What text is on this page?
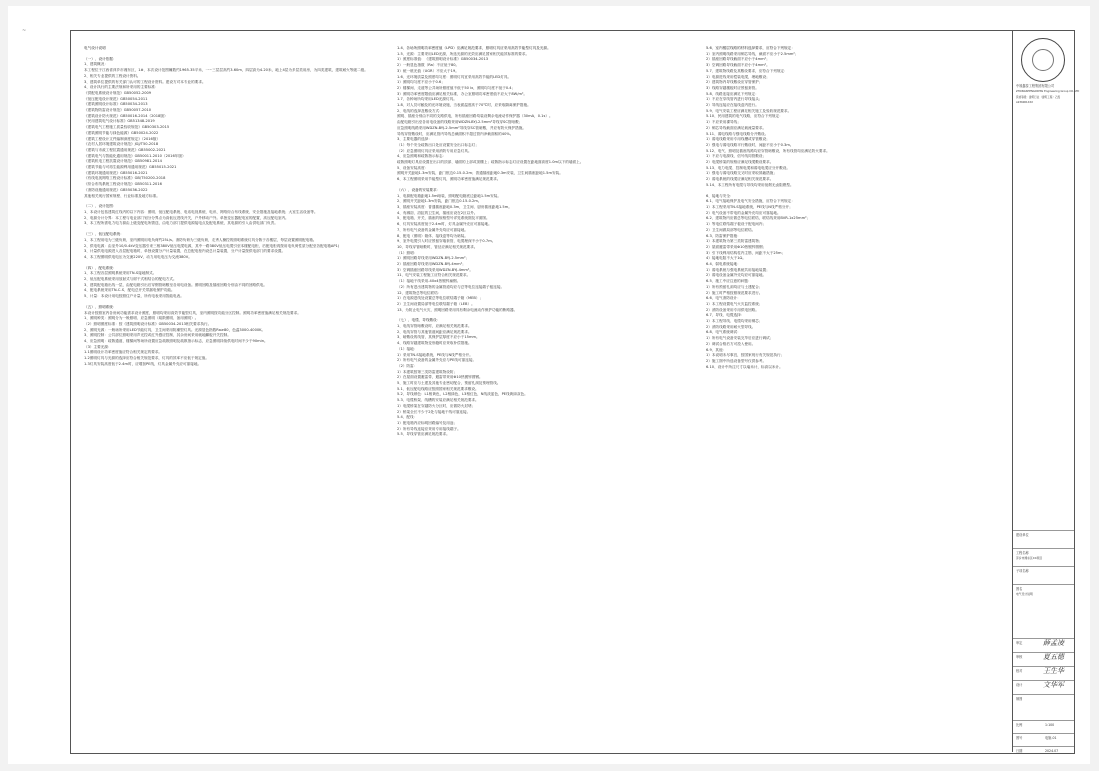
~

电气设计说明

（一）、设计依据：

1、建筑概况：

本工程位于江西省萍乡市湘东区，1#、本次设计范围幢数约1965.35平米，一~三层层高约3.60m，四层高为4.20米，地上4层为多层类用房，为四类建筑，建筑耐火等级二级。

2、相关专业提供的工程设计资料。

3、建筑单位提供的有关部门认可的工程设计资料。建设方对本专业的要求。

4、设计执行的主要法规和所采用的主要标准：

《供配电系统设计规范》GB50052-2009

《低压配电设计规范》GB50054-2011

《建筑照明设计标准》GB50034-2013

《建筑物防雷设计规范》GB50057-2010

《建筑设计防火规范》GB50016-2014（2018版）

《民用建筑电气设计标准》GB51348-2019

《建筑电气工程施工质量验收规范》GB50303-2015

《建筑照明节能与绿色能源》GB50024-2022

《建筑工程设计文件编制深度规定》（2016版）

《农村人居环境建筑设计规范》JGJ/T50-2018

《建筑与市政工程抗震通用规范》GB55002-2021

《建筑电气与智能化通用规范》GB50011-2010（2016年版）

《建筑机电工程抗震设计规范》GB50981-2014

《建筑节能与可再生能源利用通用规范》GB55015-2021

《建筑环境通用规范》GB55016-2021

《有线电视网络工程设计标准》GB/T50200-2018

《综合布线系统工程设计规范》GB50311-2016

《消防设施通用规范》GB55036-2022

其他相关现行国家规程、行业标准及地方标准。

（二）、设计范围：

1、本设计包括建筑红线内的以下内容：照明、低压配电系统、电话电视系统、电讯、网络综合布线系统、安全措施及接地系统；大室生活设备等。

2、电源分计分界：本工程与电业部门划分分界点为高低压进线开关，户外移动户外。单独变压器配电室的配置，高压配电室内。

3、本工程所需电力电力源由上级变配电所馈送，由电力部门提供电源接电点及配电系统，其电源的引入由供电部门负责。

（三）、低压配电系统：

1、本工程用电为三级负荷，室内照明用电负荷约25L/s。消防负荷为三级负荷，走秀人操控的照明系统灯具分散于各楼层，每层设置照明配电箱。

2、供电电源：由室外10/0.4kV变压器引来三相380V低压电缆电源，其中一路380V低压电缆引至本楼配电柜，后配电柜再按用电负荷性质分配至各配电箱AP1)

3、计量供电电源进入各层配电箱时，单独设置分户计量装置，在总配电柜内设总计量装置，分户计量按供电部门的要求设置。

4、本工程照明供电电压为交流220V，动力用电电压为交流380V。

（四）、配电系统：

1、本工程各层照明系统采用TN-S接地制式。

2、低压配电系统采用放射式与树干式相结合的配电方式。

3、建筑配电箱出线一层，由配电箱引出后穿钢管暗敷至各用电设备。照明回路及插座回路分别由不同的回路供电。

4、配电系统采用TN-C-S、配电总开关带漏电保护功能。

5、计量：本设计用电按照住户计量，所有电表采用智能电表。

（五）、照明系统：

本设计按照室内各房间功能需求设计照度，照明均采用高效节能型灯具，室内照明按功能分区控制。照明功率密度值满足相关规范要求。

1、照明种类：照明分为一般照明、应急照明（疏散照明、备用照明）。

（2）照明照度标准：按《建筑照明设计标准》GB50034-2013相关要求执行。

2、照明光源：一般场所采用LED节能灯具，卫生间采用防潮型灯具。光源显色指数Ra≥80，色温3000-4000K。

3、照明控制：公共部位照明采用声光控或红外感应控制，其余房间采用就地翻板开关控制。

4、应急照明：疏散通道、楼梯间等场所设置应急疏散照明及疏散指示标志，应急照明持续供电时间不少于90min。

（3）主要光源：

1.1照明设计功率密度值应符合相关规定的要求。

1.2照明灯具与光源的选择应符合相关规范要求，灯具的效率不应低于规定值。

1.3灯具安装高度低于2.4m时，应增加PE线，灯具金属外壳应可靠接地。

1.4、各场所照明功率密度值（LPD）应满足规范要求，照明灯具应采用高效节能型灯具及光源。

1.5、光源：主要采用LED光源，所选光源的光效应满足国家相关能效标准的要求。

1）照度标准值：《建筑照明设计标准》GB50034-2013

2）一般显色指数（Ra）不应低于80。

3）统一眩光值（UGR）不应大于19。

1.6、光环境质量及照度均匀度：照明灯具宜采用高效节能的LED灯具。

1）照明均匀度不应小于0.6；

2）楼梯间、走道等公共场所照度值不低于50 lx，照明均匀度不低于0.4；

3）照明功率密度限值应满足相关标准，办公室照明功率密度值不应大于8W/m²。

1.7、各种场所均采用LED光源灯具。

1.8、对人员可触及的光环境设施，当表面温度高于70℃时，应采取隔离保护措施。

2、电线的选择及敷设方式：

照明、插座分别由不同的支路供电，所有插座回路均装设剩余电流动作保护器（30mA，0.1s）。

由配电箱引出至各用电设备的线路采用WDZN-BYJ-2.5mm²导线穿SC管暗敷；

应急照明线路采用WDZN-BYJ-2.5mm²导线穿SC管暗敷，并应有防火保护措施。

导线穿管敷设时，应满足管内导线总截面积不超过管内净截面积的40%。

3、主要电器的选择：

（1）每个安全疏散出口处应设置安全出口标志灯；

（2）应急照明灯具应采用消防专用应急灯具。

4、应急照明和疏散指示标志：

疏散照明灯具应设置在出口的顶部、墙面的上部或顶棚上；疏散指示标志灯应设置在距地面高度1.0m以下的墙面上。

5、设备安装高度：

照明开关距地1.3m安装，距门框边0.15-0.2m；普通插座距地0.3m安装，卫生间插座距地1.5m安装。

6、本工程照明采用节能型灯具，照明功率密度值满足规范要求。

（六）、设备的安装要求：

1、电源配电箱距地1.5m暗装，照明配电箱底边距地1.5m安装。

2、照明开关距地1.3m安装，距门框边0.15-0.2m。

3、插座安装高度：普通插座距地0.3m，卫生间、厨房插座距地1.5m。

4、有淋浴、浴缸的卫生间，插座应设在2区以外。

5、配电箱、开关、插座的规格型号详见系统图及平面图。

6、灯具安装高度低于2.4m时，灯具金属外壳应可靠接地。

7、所有电气设备的金属外壳均应可靠接地。

8、配电（照明）箱体、接线盒等均为暗装。

9、室外电缆引入时应预留穿墙套管，电缆埋深不小于0.7m。

10、导线穿管暗敷时，管径应满足相关规范要求。

（1）照明：

1）照明回路导线采用WDZN-BYJ-2.5mm²；

2）插座回路导线采用WDZN-BYJ-4mm²；

3）空调插座回路导线采用WDZN-BYJ-4mm²。

11、电气安装工程施工应符合相关规范要求。

（1）接地干线采用-40x4热镀锌扁钢。

（2）所有进出建筑物的金属管道均应与总等电位连接端子板连接。

12、建筑物总等电位联结：

1）在电源进线处设置总等电位联结端子箱（MEB）；

2）卫生间设置局部等电位联结端子箱（LEB）。

13、为防止电气火灾，照明回路采用具有剩余电流动作保护功能的断路器。

（七）、电缆、导线敷设：

1、电线穿管暗敷设时，应满足相关规范要求。

2、电线穿管与其他管道间距应满足规范要求。

3、暗敷设的线管，其保护层厚度不应小于15mm。

4、线路穿越建筑物变形缝时应采取补偿措施。

（1）接地：

1）采用TN-S接地系统，PE线与N线严格分开。

2）所有电气设备的金属外壳应与PE线可靠连接。

（2）防雷：

1）本建筑按第三类防雷建筑物设防；

2）在屋面设置避雷带，避雷带采用Φ10热镀锌圆钢。

5、施工时应与土建及其他专业密切配合，预留孔洞及预埋管线。

5.1、低压配电线路应按照国家相关规范要求敷设。

5.2、导线颜色：L1相黄色，L2相绿色，L3相红色，N线淡蓝色，PE线黄绿双色。

5.3、电缆桥架、线槽的安装应满足相关规范要求。

1）电缆桥架在穿越防火分区时，应做防火封堵；

2）桥架全长不少于2处与接地干线可靠连接。

5.4、配线：

1）配电箱内应标明回路编号及用途；

2）所有导线连接应采用专用接线端子。

5.5、导线穿管应满足规范要求。

5.6、室内楼层线路的材料选择要求，应符合下列规定：

1）室内照明线路采用铜芯导线，截面不应小于2.5mm²；

2）插座回路导线截面不应小于4mm²；

3）空调回路导线截面不应小于4mm²。

5.7、建筑物线路及其敷设要求，应符合下列规定：

1）电源进线采用铠装电缆，埋地敷设；

2）建筑物内导线敷设应穿管保护；

3）线路穿越楼板时应预留套管。

5.8、线路连接应满足下列规定：

1）不应在穿线管内进行导线接头；

2）导线连接应在接线盒内进行。

5.9、电气安装工程应满足相关施工及验收规范要求。

5.10、民用建筑的电气线路，应符合下列规定：

1）不应采用裸导线；

2）铜芯导线截面应满足载流量要求。

5.11、弱电线路与强电线路分开敷设。

1）弱电线路采用专用线槽或穿管敷设；

2）强电与弱电线路平行敷设时，间距不应小于0.3m。

5.12、电气、照明及插座线路均应穿管暗敷设，所有线管均应满足防火要求。

1）不应与电源线、信号线同管敷设；

2）电缆桥架的规格应满足线缆敷设要求。

5.13、电力电缆、控制电缆和弱电电缆应分开敷设。

1）强电与弱电线路交叉时应采取屏蔽措施；

2）弱电系统的线缆应满足相关规范要求。

5.14、本工程所有电缆与导线均采用低烟无卤阻燃型。

6、接地与安全：

6.1、电气接地保护及电气安全措施，应符合下列规定：

1）本工程采用TN-S接地系统，PE线与N线严格分开；

2）电气设备不带电的金属外壳均应可靠接地。

6.2、建筑物内应做总等电位联结，联结线采用BVR-1x25mm²；

1）等电位联结端子板设于配电间内；

2）卫生间做局部等电位联结。

6.3、防雷保护措施：

1）本建筑物为第三类防雷建筑物；

2）屋面避雷带采用Φ10热镀锌圆钢；

3）引下线利用结构柱内主筋，间距不大于25m；

4）接地电阻不大于1Ω。

6.4、弱电系统接地：

1）弱电系统与强电系统共用接地装置；

2）弱电设备金属外壳均应可靠接地。

6.5、施工中应注意的问题：

1）所有预留孔洞均应与土建配合；

2）施工时严格按照规范要求进行。

6.6、电气消防设计：

1）本工程设置电气火灾监控系统；

2）消防设备采用专用供电回路。

6.7、导线、电缆选择：

1）本工程导线、电缆均采用铜芯；

2）消防线路采用耐火型导线。

6.8、电气系统调试：

1）所有电气设备安装完毕后应进行调试；

2）调试合格后方可投入使用。

6.9、其他：

1）本说明未尽事宜，按国家现行有关规范执行；

2）施工图中所选设备型号仅供参考。

6.10、设计中所注尺寸以毫米计，标高以米计。

中晟鑫泰工程集团有限公司
ZHONGSHENGXINTAI Engineering Group CO.,LTD
资质等级：建筑行业（建筑工程）乙级
A236001XXX
建设单位
工程名称
萍乡市湘东区XX项目
子项名称
图名
电气设计说明
审定	薛孟凌
审核	夏五德
校对	王生华
设计	文华军
制图
比例	1:100
图号	电施-01
日期	2024.07
